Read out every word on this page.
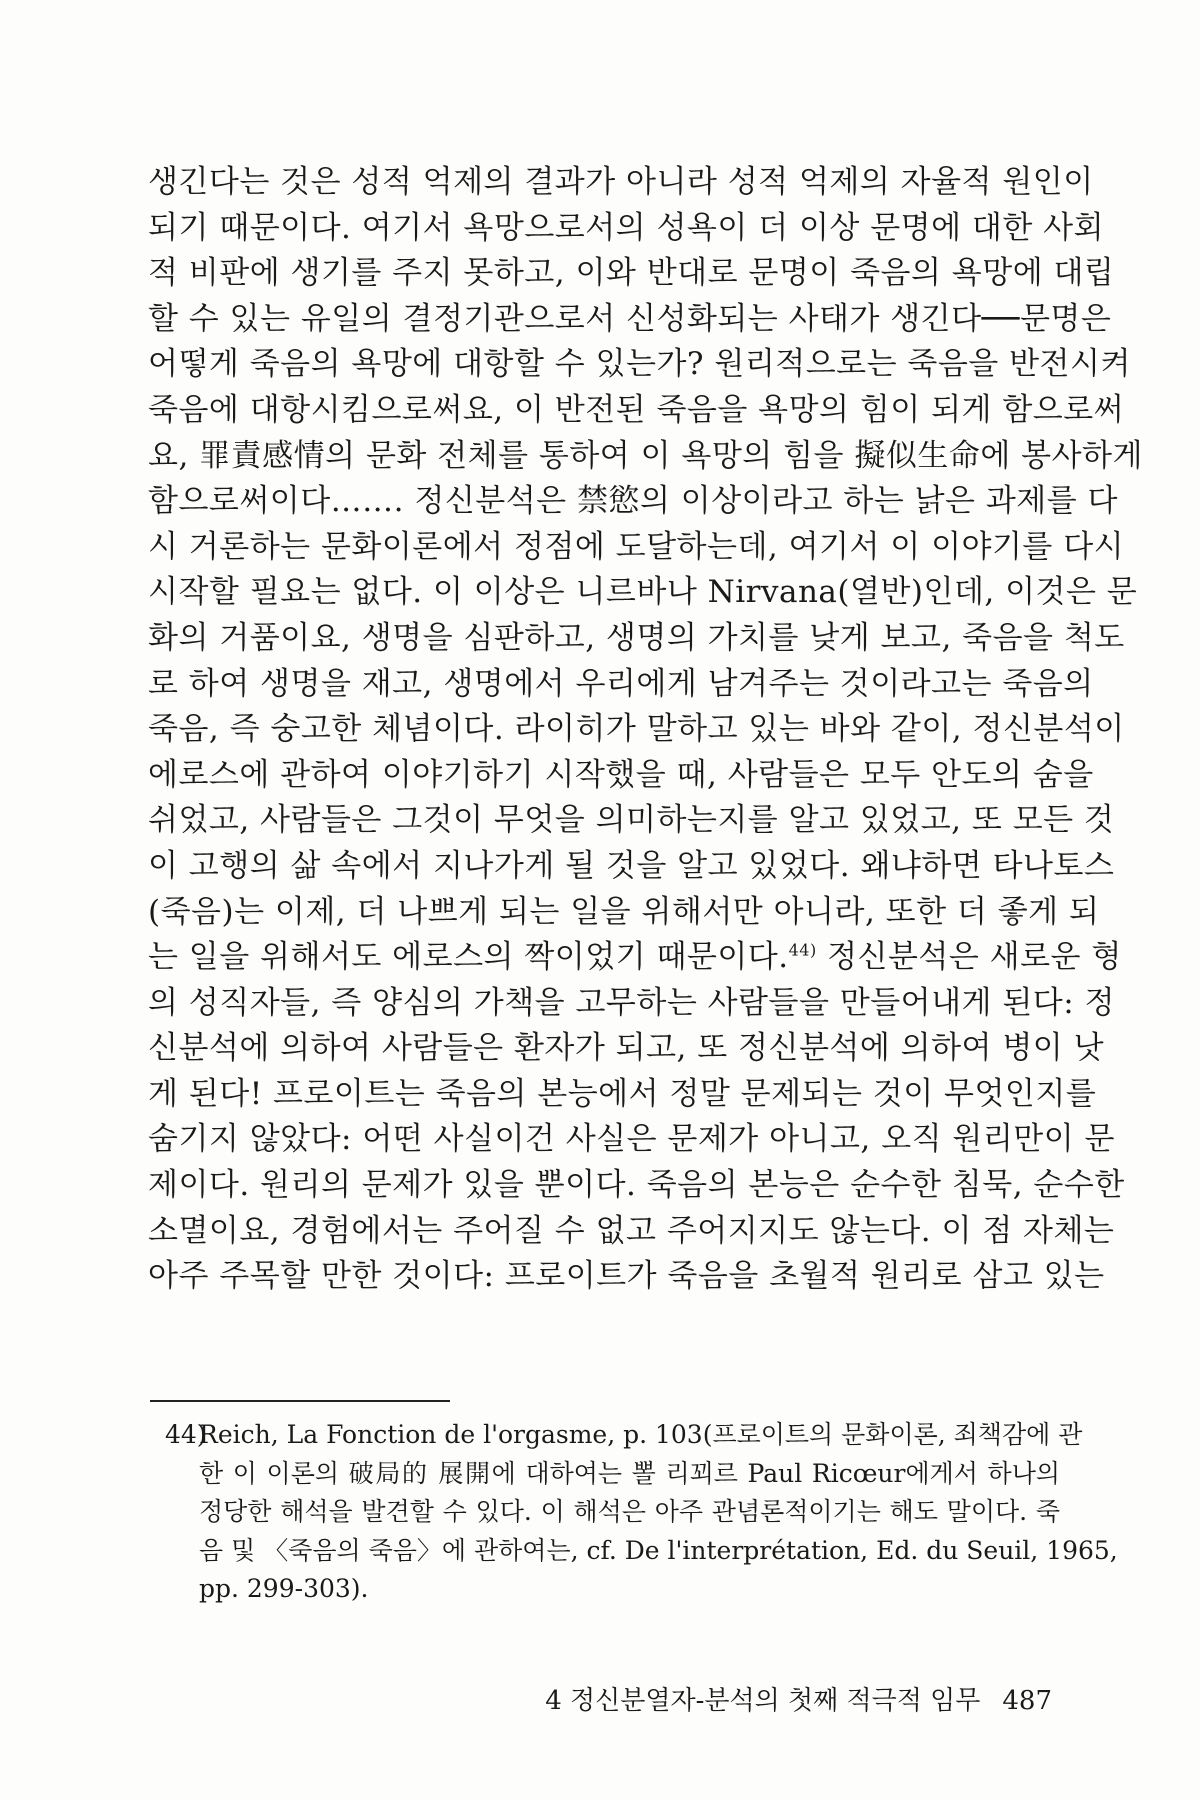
생긴다는 것은 성적 억제의 결과가 아니라 성적 억제의 자율적 원인이
되기 때문이다. 여기서 욕망으로서의 성욕이 더 이상 문명에 대한 사회
적 비판에 생기를 주지 못하고, 이와 반대로 문명이 죽음의 욕망에 대립
할 수 있는 유일의 결정기관으로서 신성화되는 사태가 생긴다──문명은
어떻게 죽음의 욕망에 대항할 수 있는가? 원리적으로는 죽음을 반전시켜
죽음에 대항시킴으로써요, 이 반전된 죽음을 욕망의 힘이 되게 함으로써
요, 罪責感情의 문화 전체를 통하여 이 욕망의 힘을 擬似生命에 봉사하게
함으로써이다……. 정신분석은 禁慾의 이상이라고 하는 낡은 과제를 다
시 거론하는 문화이론에서 정점에 도달하는데, 여기서 이 이야기를 다시
시작할 필요는 없다. 이 이상은 니르바나 Nirvana(열반)인데, 이것은 문
화의 거품이요, 생명을 심판하고, 생명의 가치를 낮게 보고, 죽음을 척도
로 하여 생명을 재고, 생명에서 우리에게 남겨주는 것이라고는 죽음의
죽음, 즉 숭고한 체념이다. 라이히가 말하고 있는 바와 같이, 정신분석이
에로스에 관하여 이야기하기 시작했을 때, 사람들은 모두 안도의 숨을
쉬었고, 사람들은 그것이 무엇을 의미하는지를 알고 있었고, 또 모든 것
이 고행의 삶 속에서 지나가게 될 것을 알고 있었다. 왜냐하면 타나토스
(죽음)는 이제, 더 나쁘게 되는 일을 위해서만 아니라, 또한 더 좋게 되
는 일을 위해서도 에로스의 짝이었기 때문이다.$^{44)}$ 정신분석은 새로운 형
의 성직자들, 즉 양심의 가책을 고무하는 사람들을 만들어내게 된다: 정
신분석에 의하여 사람들은 환자가 되고, 또 정신분석에 의하여 병이 낫
게 된다! 프로이트는 죽음의 본능에서 정말 문제되는 것이 무엇인지를
숨기지 않았다: 어떤 사실이건 사실은 문제가 아니고, 오직 원리만이 문
제이다. 원리의 문제가 있을 뿐이다. 죽음의 본능은 순수한 침묵, 순수한
소멸이요, 경험에서는 주어질 수 없고 주어지지도 않는다. 이 점 자체는
아주 주목할 만한 것이다: 프로이트가 죽음을 초월적 원리로 삼고 있는
44)Reich, La Fonction de l'orgasme, p. 103(프로이트의 문화이론, 죄책감에 관
한 이 이론의 破局的 展開에 대하여는 뽈 리꾀르 Paul Ricœur에게서 하나의
정당한 해석을 발견할 수 있다. 이 해석은 아주 관념론적이기는 해도 말이다. 죽
음 및 〈죽음의 죽음〉에 관하여는, cf. De l'interprétation, Ed. du Seuil, 1965,
pp. 299-303).
4 정신분열자-분석의 첫째 적극적 임무 487
